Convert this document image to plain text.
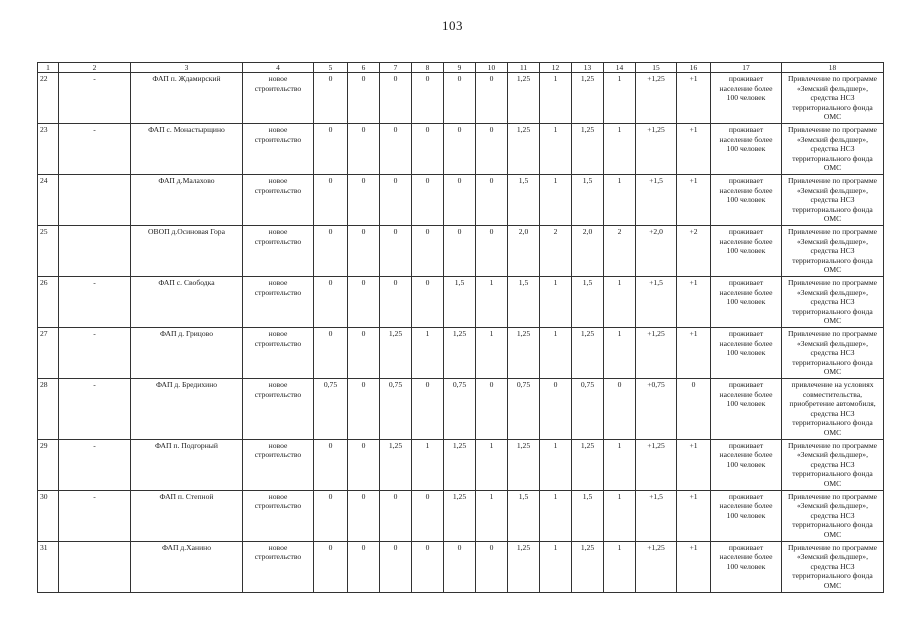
103
1	2	3	4	5	6	7	8	9	10	11	12	13	14	15	16	17	18
22	-	ФАП п. Ждамирский	новое строительство	0	0	0	0	0	0	1,25	1	1,25	1	+1,25	+1	проживает население более 100 человек	Привлечение по программе «Земский фельдшер», средства НСЗ территориального фонда ОМС
23	-	ФАП с. Монастырщино	новое строительство	0	0	0	0	0	0	1,25	1	1,25	1	+1,25	+1	проживает население более 100 человек	Привлечение по программе «Земский фельдшер», средства НСЗ территориального фонда ОМС
24		ФАП д.Малахово	новое строительство	0	0	0	0	0	0	1,5	1	1,5	1	+1,5	+1	проживает население более 100 человек	Привлечение по программе «Земский фельдшер», средства НСЗ территориального фонда ОМС
25		ОВОП д.Осиновая Гора	новое строительство	0	0	0	0	0	0	2,0	2	2,0	2	+2,0	+2	проживает население более 100 человек	Привлечение по программе «Земский фельдшер», средства НСЗ территориального фонда ОМС
26	-	ФАП с. Свободка	новое строительство	0	0	0	0	1,5	1	1,5	1	1,5	1	+1,5	+1	проживает население более 100 человек	Привлечение по программе «Земский фельдшер», средства НСЗ территориального фонда ОМС
27	-	ФАП д. Грицово	новое строительство	0	0	1,25	1	1,25	1	1,25	1	1,25	1	+1,25	+1	проживает население более 100 человек	Привлечение по программе «Земский фельдшер», средства НСЗ территориального фонда ОМС
28	-	ФАП д. Бредихино	новое строительство	0,75	0	0,75	0	0,75	0	0,75	0	0,75	0	+0,75	0	проживает население более 100 человек	привлечение на условиях совместительства, приобретение автомобиля, средства НСЗ территориального фонда ОМС
29	-	ФАП п. Подгорный	новое строительство	0	0	1,25	1	1,25	1	1,25	1	1,25	1	+1,25	+1	проживает население более 100 человек	Привлечение по программе «Земский фельдшер», средства НСЗ территориального фонда ОМС
30	-	ФАП п. Степной	новое строительство	0	0	0	0	1,25	1	1,5	1	1,5	1	+1,5	+1	проживает население более 100 человек	Привлечение по программе «Земский фельдшер», средства НСЗ территориального фонда ОМС
31		ФАП д.Ханино	новое строительство	0	0	0	0	0	0	1,25	1	1,25	1	+1,25	+1	проживает население более 100 человек	Привлечение по программе «Земский фельдшер», средства НСЗ территориального фонда ОМС
